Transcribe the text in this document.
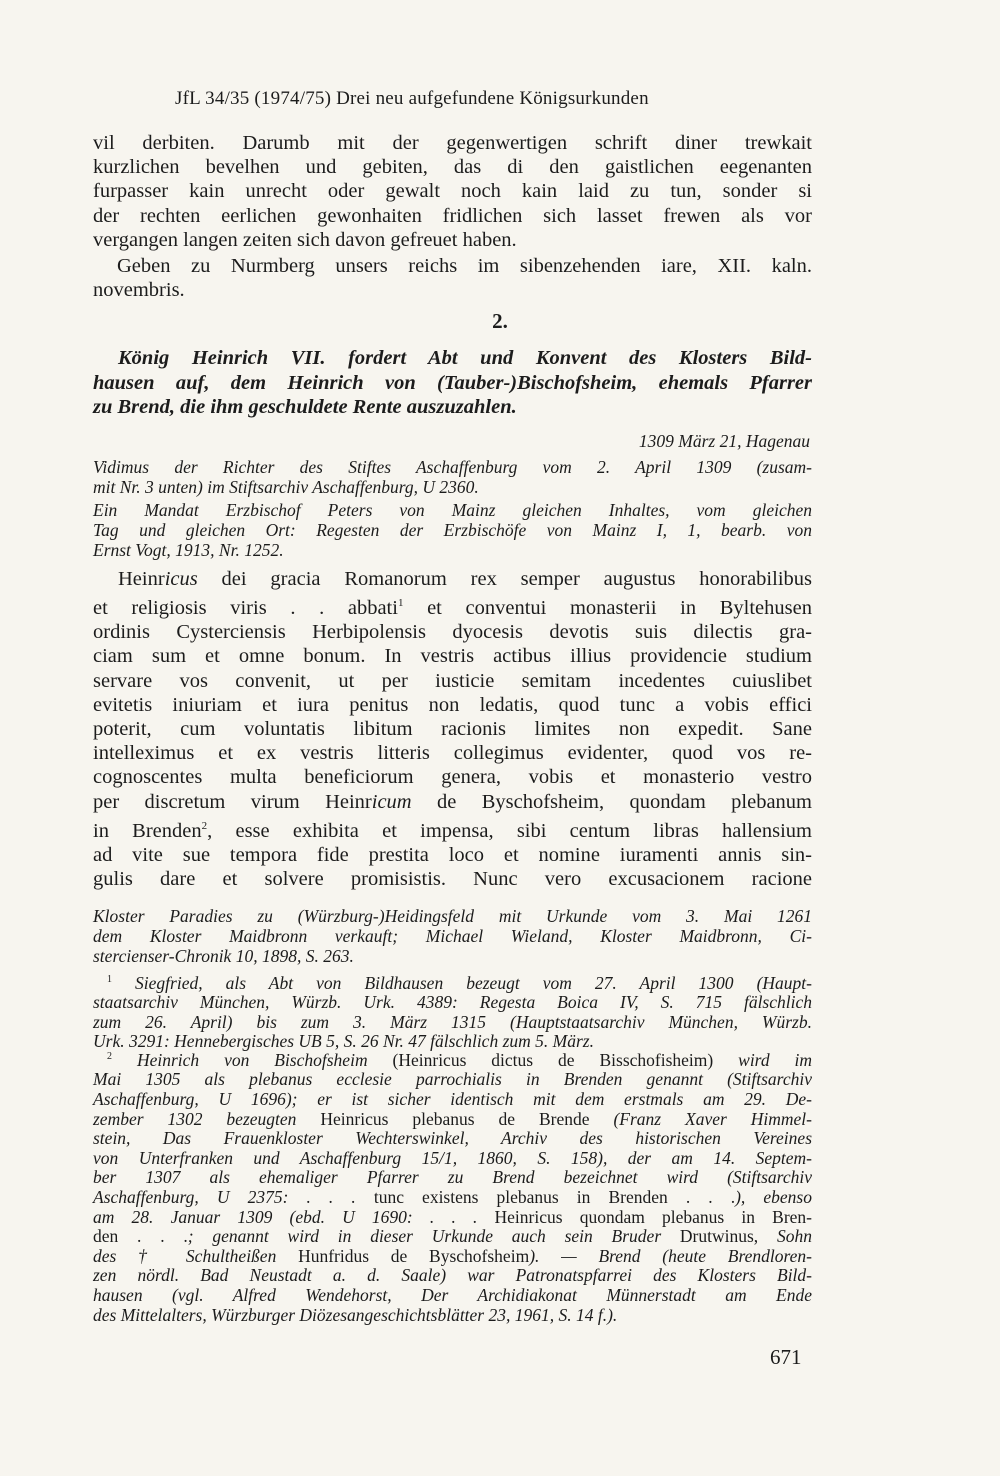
JfL 34/35 (1974/75) Drei neu aufgefundene Königsurkunden
vil derbiten. Darumb mit der gegenwertigen schrift diner trewkait
kurzlichen bevelhen und gebiten, das di den gaistlichen eegenanten
furpasser kain unrecht oder gewalt noch kain laid zu tun, sonder si
der rechten eerlichen gewonhaiten fridlichen sich lasset frewen als vor
vergangen langen zeiten sich davon gefreuet haben.
Geben zu Nurmberg unsers reichs im sibenzehenden iare, XII. kaln.
novembris.
2.
König Heinrich VII. fordert Abt und Konvent des Klosters Bild-
hausen auf, dem Heinrich von (Tauber-)Bischofsheim, ehemals Pfarrer
zu Brend, die ihm geschuldete Rente auszuzahlen.
1309 März 21, Hagenau
Vidimus der Richter des Stiftes Aschaffenburg vom 2. April 1309 (zusam-
mit Nr. 3 unten) im Stiftsarchiv Aschaffenburg, U 2360.
Ein Mandat Erzbischof Peters von Mainz gleichen Inhaltes, vom gleichen
Tag und gleichen Ort: Regesten der Erzbischöfe von Mainz I, 1, bearb. von
Ernst Vogt, 1913, Nr. 1252.
Heinricus dei gracia Romanorum rex semper augustus honorabilibus
et religiosis viris . . abbati$^1$ et conventui monasterii in Byltehusen
ordinis Cysterciensis Herbipolensis dyocesis devotis suis dilectis gra-
ciam sum et omne bonum. In vestris actibus illius providencie studium
servare vos convenit, ut per iusticie semitam incedentes cuiuslibet
evitetis iniuriam et iura penitus non ledatis, quod tunc a vobis effici
poterit, cum voluntatis libitum racionis limites non expedit. Sane
intelleximus et ex vestris litteris collegimus evidenter, quod vos re-
cognoscentes multa beneficiorum genera, vobis et monasterio vestro
per discretum virum Heinricum de Byschofsheim, quondam plebanum
in Brenden$^2$, esse exhibita et impensa, sibi centum libras hallensium
ad vite sue tempora fide prestita loco et nomine iuramenti annis sin-
gulis dare et solvere promisistis. Nunc vero excusacionem racione
Kloster Paradies zu (Würzburg-)Heidingsfeld mit Urkunde vom 3. Mai 1261
dem Kloster Maidbronn verkauft; Michael Wieland, Kloster Maidbronn, Ci-
stercienser-Chronik 10, 1898, S. 263.
$^1$ Siegfried, als Abt von Bildhausen bezeugt vom 27. April 1300 (Haupt-
staatsarchiv München, Würzb. Urk. 4389: Regesta Boica IV, S. 715 fälschlich
zum 26. April) bis zum 3. März 1315 (Hauptstaatsarchiv München, Würzb.
Urk. 3291: Hennebergisches UB 5, S. 26 Nr. 47 fälschlich zum 5. März.
$^2$ Heinrich von Bischofsheim (Heinricus dictus de Bisschofisheim) wird im
Mai 1305 als plebanus ecclesie parrochialis in Brenden genannt (Stiftsarchiv
Aschaffenburg, U 1696); er ist sicher identisch mit dem erstmals am 29. De-
zember 1302 bezeugten Heinricus plebanus de Brende (Franz Xaver Himmel-
stein, Das Frauenkloster Wechterswinkel, Archiv des historischen Vereines
von Unterfranken und Aschaffenburg 15/1, 1860, S. 158), der am 14. Septem-
ber 1307 als ehemaliger Pfarrer zu Brend bezeichnet wird (Stiftsarchiv
Aschaffenburg, U 2375: . . . tunc existens plebanus in Brenden . . .), ebenso
am 28. Januar 1309 (ebd. U 1690: . . . Heinricus quondam plebanus in Bren-
den . . .; genannt wird in dieser Urkunde auch sein Bruder Drutwinus, Sohn
des † Schultheißen Hunfridus de Byschofsheim). — Brend (heute Brendloren-
zen nördl. Bad Neustadt a. d. Saale) war Patronatspfarrei des Klosters Bild-
hausen (vgl. Alfred Wendehorst, Der Archidiakonat Münnerstadt am Ende
des Mittelalters, Würzburger Diözesangeschichtsblätter 23, 1961, S. 14 f.).
671
